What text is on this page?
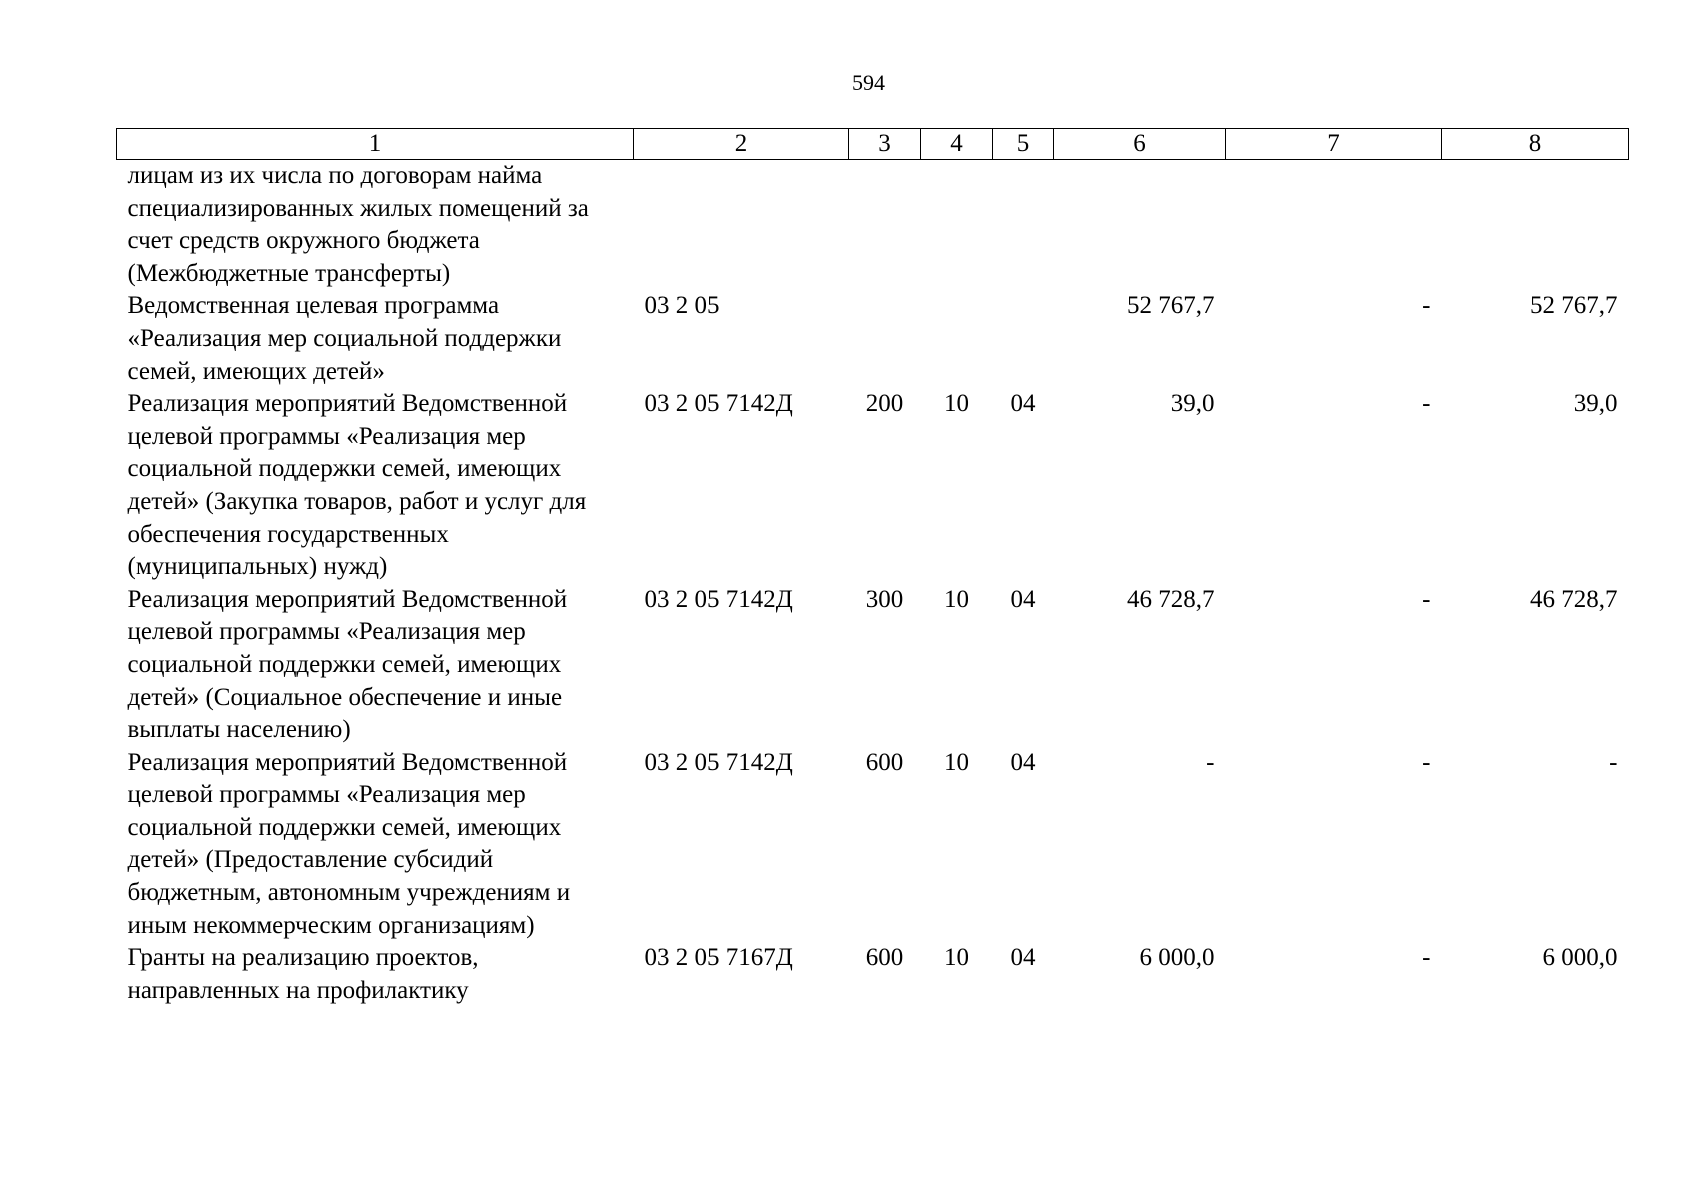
594
1	2	3	4	5	6	7	8
лицам из их числа по договорам найма специализированных жилых помещений за счет средств окружного бюджета (Межбюджетные трансферты)							
Ведомственная целевая программа «Реализация мер социальной поддержки семей, имеющих детей»	03 2 05				52 767,7	-	52 767,7
Реализация мероприятий Ведомственной целевой программы «Реализация мер социальной поддержки семей, имеющих детей» (Закупка товаров, работ и услуг для обеспечения государственных (муниципальных) нужд)	03 2 05 7142Д	200	10	04	39,0	-	39,0
Реализация мероприятий Ведомственной целевой программы «Реализация мер социальной поддержки семей, имеющих детей» (Социальное обеспечение и иные выплаты населению)	03 2 05 7142Д	300	10	04	46 728,7	-	46 728,7
Реализация мероприятий Ведомственной целевой программы «Реализация мер социальной поддержки семей, имеющих детей» (Предоставление субсидий бюджетным, автономным учреждениям и иным некоммерческим организациям)	03 2 05 7142Д	600	10	04	-	-	-
Гранты на реализацию проектов, направленных на профилактику	03 2 05 7167Д	600	10	04	6 000,0	-	6 000,0
